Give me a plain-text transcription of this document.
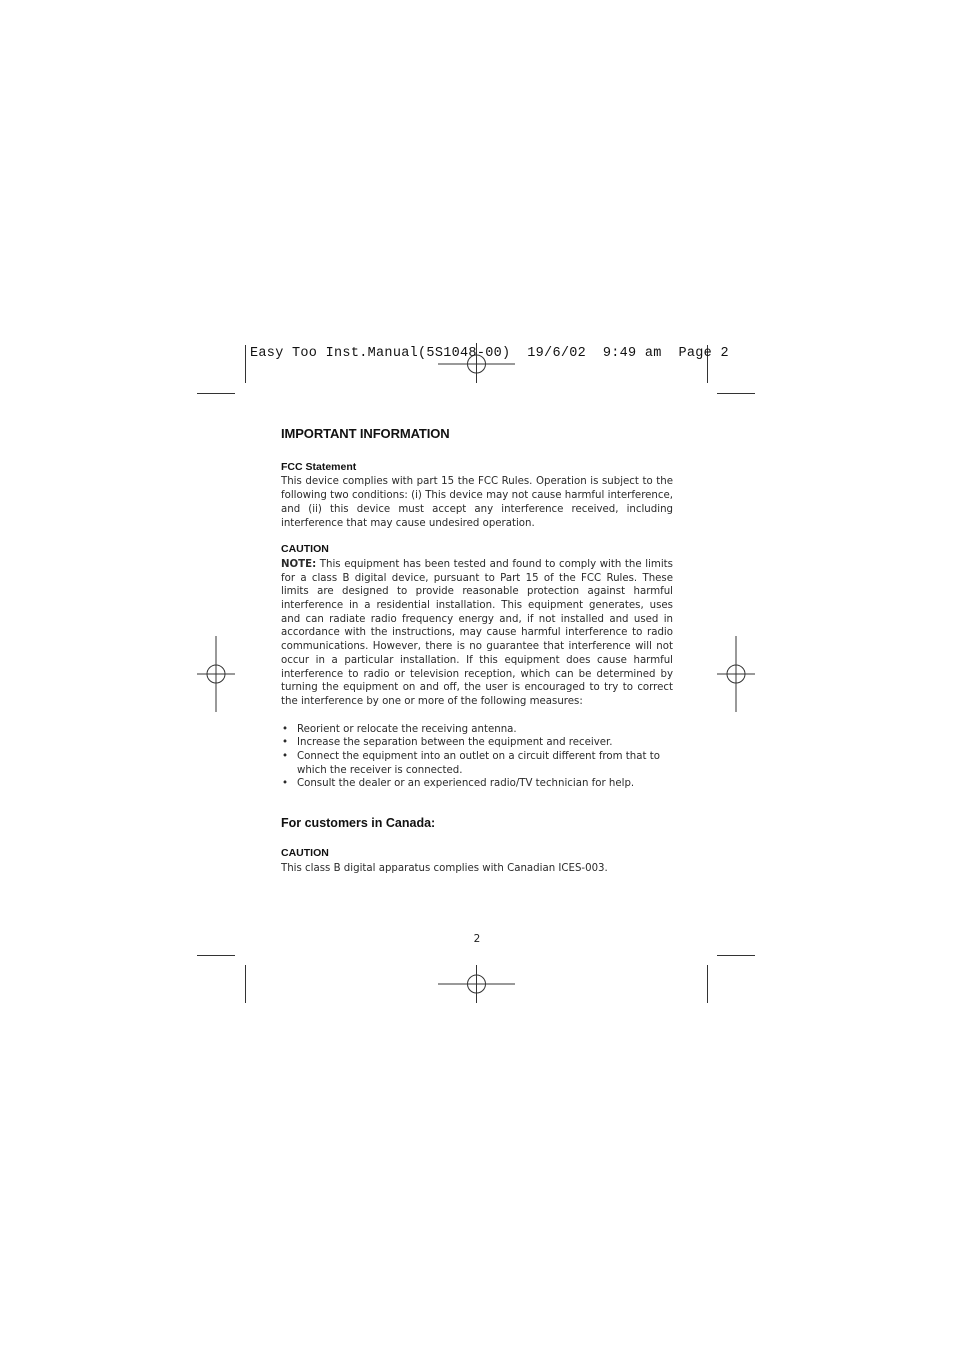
Easy Too Inst.Manual(5S1048-00)  19/6/02  9:49 am  Page 2
IMPORTANT INFORMATION
FCC Statement

This device complies with part 15 the FCC Rules. Operation is subject to the following two conditions: (i) This device may not cause harmful interference, and (ii) this device must accept any interference received, including interference that may cause undesired operation.

CAUTION

NOTE: This equipment has been tested and found to comply with the limits for a class B digital device, pursuant to Part 15 of the FCC Rules. These limits are designed to provide reasonable protection against harmful interference in a residential installation. This equipment generates, uses and can radiate radio frequency energy and, if not installed and used in accordance with the instructions, may cause harmful interference to radio communications. However, there is no guarantee that interference will not occur in a particular installation. If this equipment does cause harmful interference to radio or television reception, which can be determined by turning the equipment on and off, the user is encouraged to try to correct the interference by one or more of the following measures:

• Reorient or relocate the receiving antenna.
• Increase the separation between the equipment and receiver.
• Connect the equipment into an outlet on a circuit different from that to which the receiver is connected.
• Consult the dealer or an experienced radio/TV technician for help.
For customers in Canada:
CAUTION

This class B digital apparatus complies with Canadian ICES-003.

2
